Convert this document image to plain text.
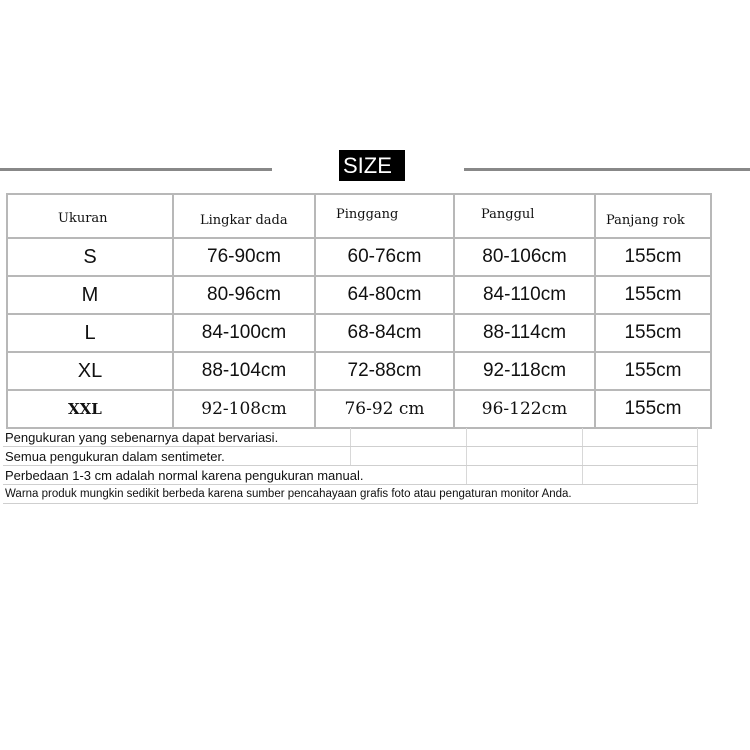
SIZE
Ukuran	Lingkar dada	Pinggang	Panggul	Panjang rok
S	76-90cm	60-76cm	80-106cm	155cm
M	80-96cm	64-80cm	84-110cm	155cm
L	84-100cm	68-84cm	88-114cm	155cm
XL	88-104cm	72-88cm	92-118cm	155cm
XXL	92-108cm	76-92 cm	96-122cm	155cm
Pengukuran yang sebenarnya dapat bervariasi.			
Semua pengukuran dalam sentimeter.			
Perbedaan 1-3 cm adalah normal karena pengukuran manual.			
Warna produk mungkin sedikit berbeda karena sumber pencahayaan grafis foto atau pengaturan monitor Anda.			
